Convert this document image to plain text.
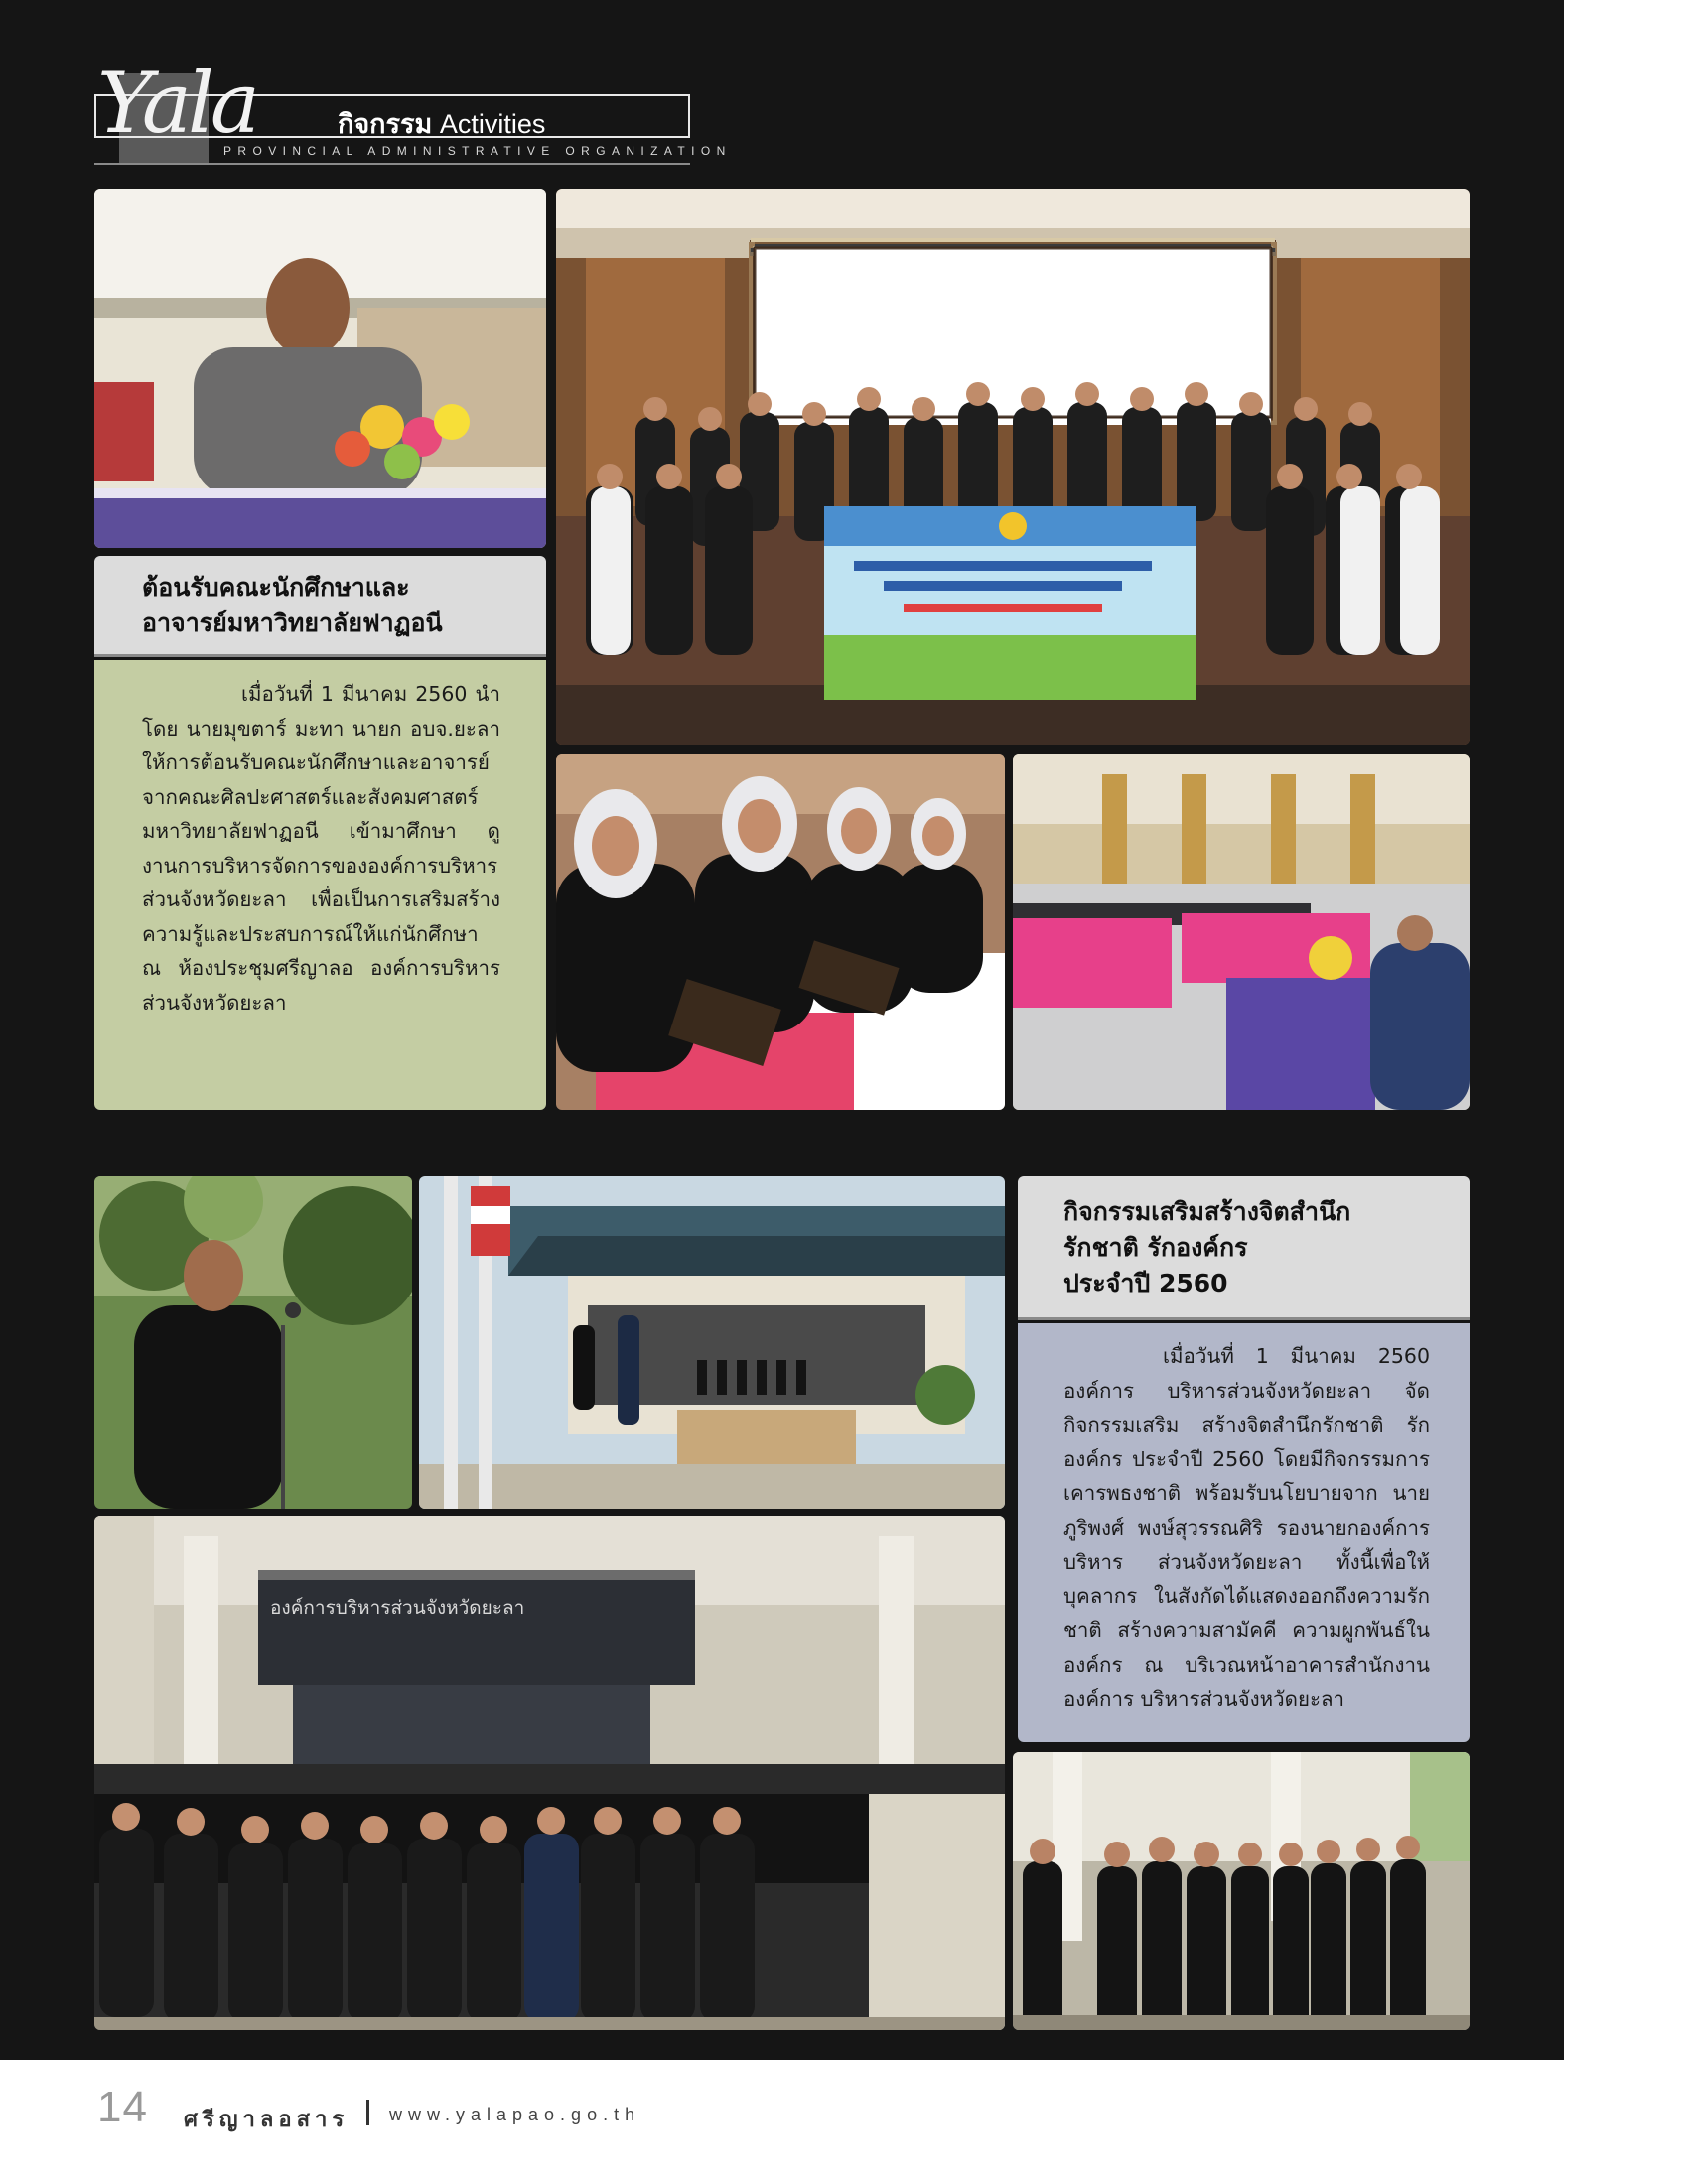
Yala	กิจกรรม Activities
PROVINCIAL ADMINISTRATIVE ORGANIZATION
ต้อนรับคณะนักศึกษาและ
อาจารย์มหาวิทยาลัยฟาฏอนี

เมื่อวันที่ 1 มีนาคม 2560 นำโดย นายมุขตาร์ มะทา นายก อบจ.ยะลา ให้การต้อนรับคณะนักศึกษาและอาจารย์ จากคณะศิลปะศาสตร์และสังคมศาสตร์ มหาวิทยาลัยฟาฏอนี เข้ามาศึกษา ดูงานการบริหารจัดการขององค์การบริหาร ส่วนจังหวัดยะลา เพื่อเป็นการเสริมสร้าง ความรู้และประสบการณ์ให้แก่นักศึกษา ณ ห้องประชุมศรีญาลอ องค์การบริหาร ส่วนจังหวัดยะลา

องค์การบริหารส่วนจังหวัดยะลา
กิจกรรมเสริมสร้างจิตสำนึก
รักชาติ รักองค์กร
ประจำปี 2560

เมื่อวันที่ 1 มีนาคม 2560 องค์การ บริหารส่วนจังหวัดยะลา จัดกิจกรรมเสริม สร้างจิตสำนึกรักชาติ รักองค์กร ประจำปี 2560 โดยมีกิจกรรมการเคารพธงชาติ พร้อมรับนโยบายจาก นายภูริพงศ์ พงษ์สุวรรณศิริ รองนายกองค์การบริหาร ส่วนจังหวัดยะลา ทั้งนี้เพื่อให้บุคลากร ในสังกัดได้แสดงออกถึงความรักชาติ สร้างความสามัคคี ความผูกพันธ์ในองค์กร ณ บริเวณหน้าอาคารสำนักงานองค์การ บริหารส่วนจังหวัดยะลา

14 ศรีญาลอสาร www.yalapao.go.th
